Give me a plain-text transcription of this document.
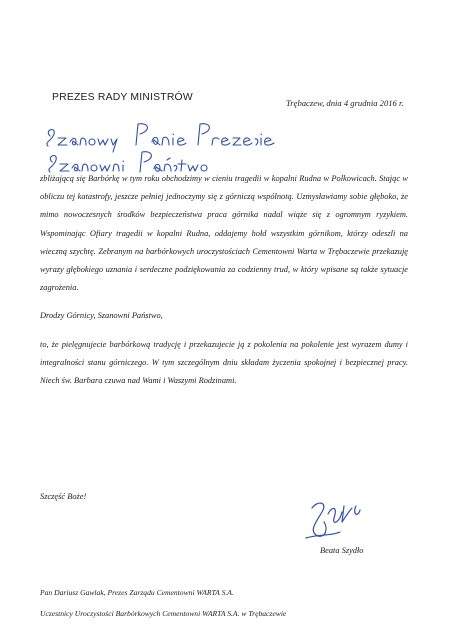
PREZES RADY MINISTRÓW	Trębaczew, dnia 4 grudnia 2016 r.

zbliżającą się Barbórkę w tym roku obchodzimy w cieniu tragedii w kopalni Rudna w Polkowicach. Stając w obliczu tej katastrofy, jeszcze pełniej jednoczymy się z górniczą wspólnotą. Uzmysławiamy sobie głęboko, że mimo nowoczesnych środków bezpieczeństwa praca górnika nadal wiąże się z ogromnym ryzykiem. Wspominając Ofiary tragedii w kopalni Rudna, oddajemy hołd wszystkim górnikom, którzy odeszli na wieczną szychtę. Zebranym na barbórkowych uroczystościach Cementowni Warta w Trębaczewie przekazuję wyrazy głębokiego uznania i serdeczne podziękowania za codzienny trud, w który wpisane są także sytuacje zagrożenia.

Drodzy Górnicy, Szanowni Państwo,

to, że pielęgnujecie barbórkową tradycję i przekazujecie ją z pokolenia na pokolenie jest wyrazem dumy i integralności stanu górniczego. W tym szczególnym dniu składam życzenia spokojnej i bezpiecznej pracy. Niech św. Barbara czuwa nad Wami i Waszymi Rodzinami.

Szczęść Boże!
Beata Szydło
Pan Dariusz Gawlak, Prezes Zarządu Cementowni WARTA S.A.
Uczestnicy Uroczystości Barbórkowych Cementowni WARTA S.A. w Trębaczewie
